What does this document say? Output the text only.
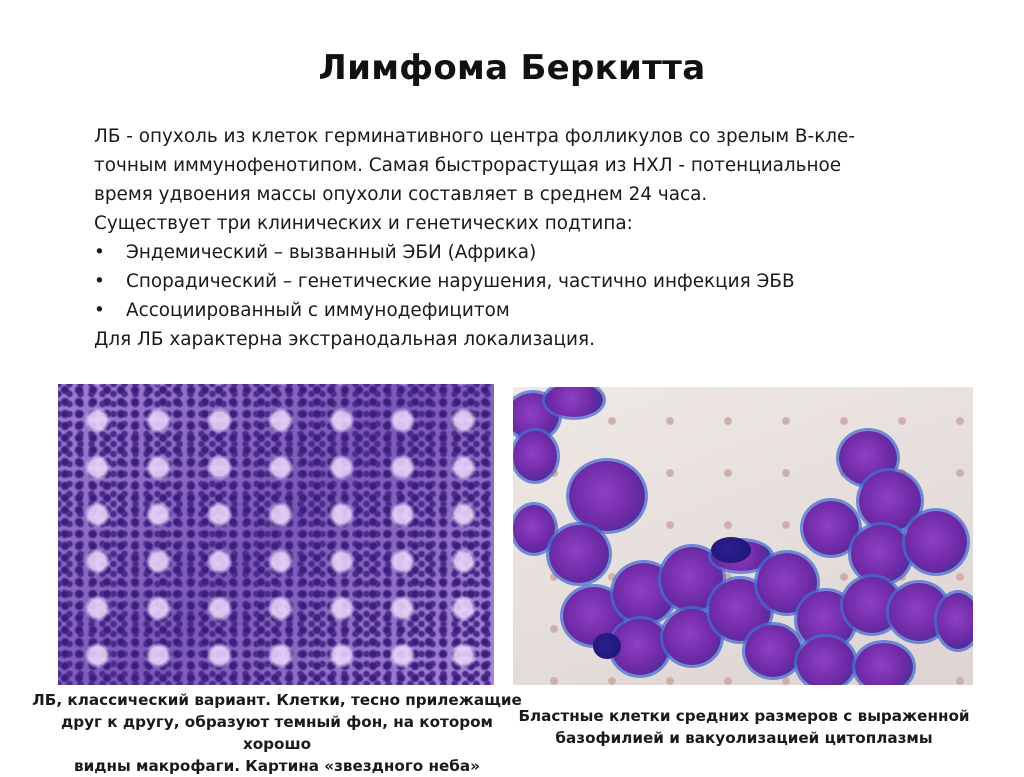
Лимфома Беркитта

ЛБ - опухоль из клеток герминативного центра фолликулов со зрелым В-кле-

точным иммунофенотипом. Самая быстрорастущая из НХЛ - потенциальное

время удвоения массы опухоли составляет в среднем 24 часа.

Существует три клинических и генетических подтипа:

• Эндемический – вызванный ЭБИ (Африка)
• Спорадический – генетические нарушения, частично инфекция ЭБВ
• Ассоциированный с иммунодефицитом

Для ЛБ характерна экстранодальная локализация.

ЛБ, классический вариант. Клетки, тесно прилежащие
друг к другу, образуют темный фон, на котором хорошо
видны макрофаги. Картина «звездного неба»
Бластные клетки средних размеров с выраженной
базофилией и вакуолизацией цитоплазмы
